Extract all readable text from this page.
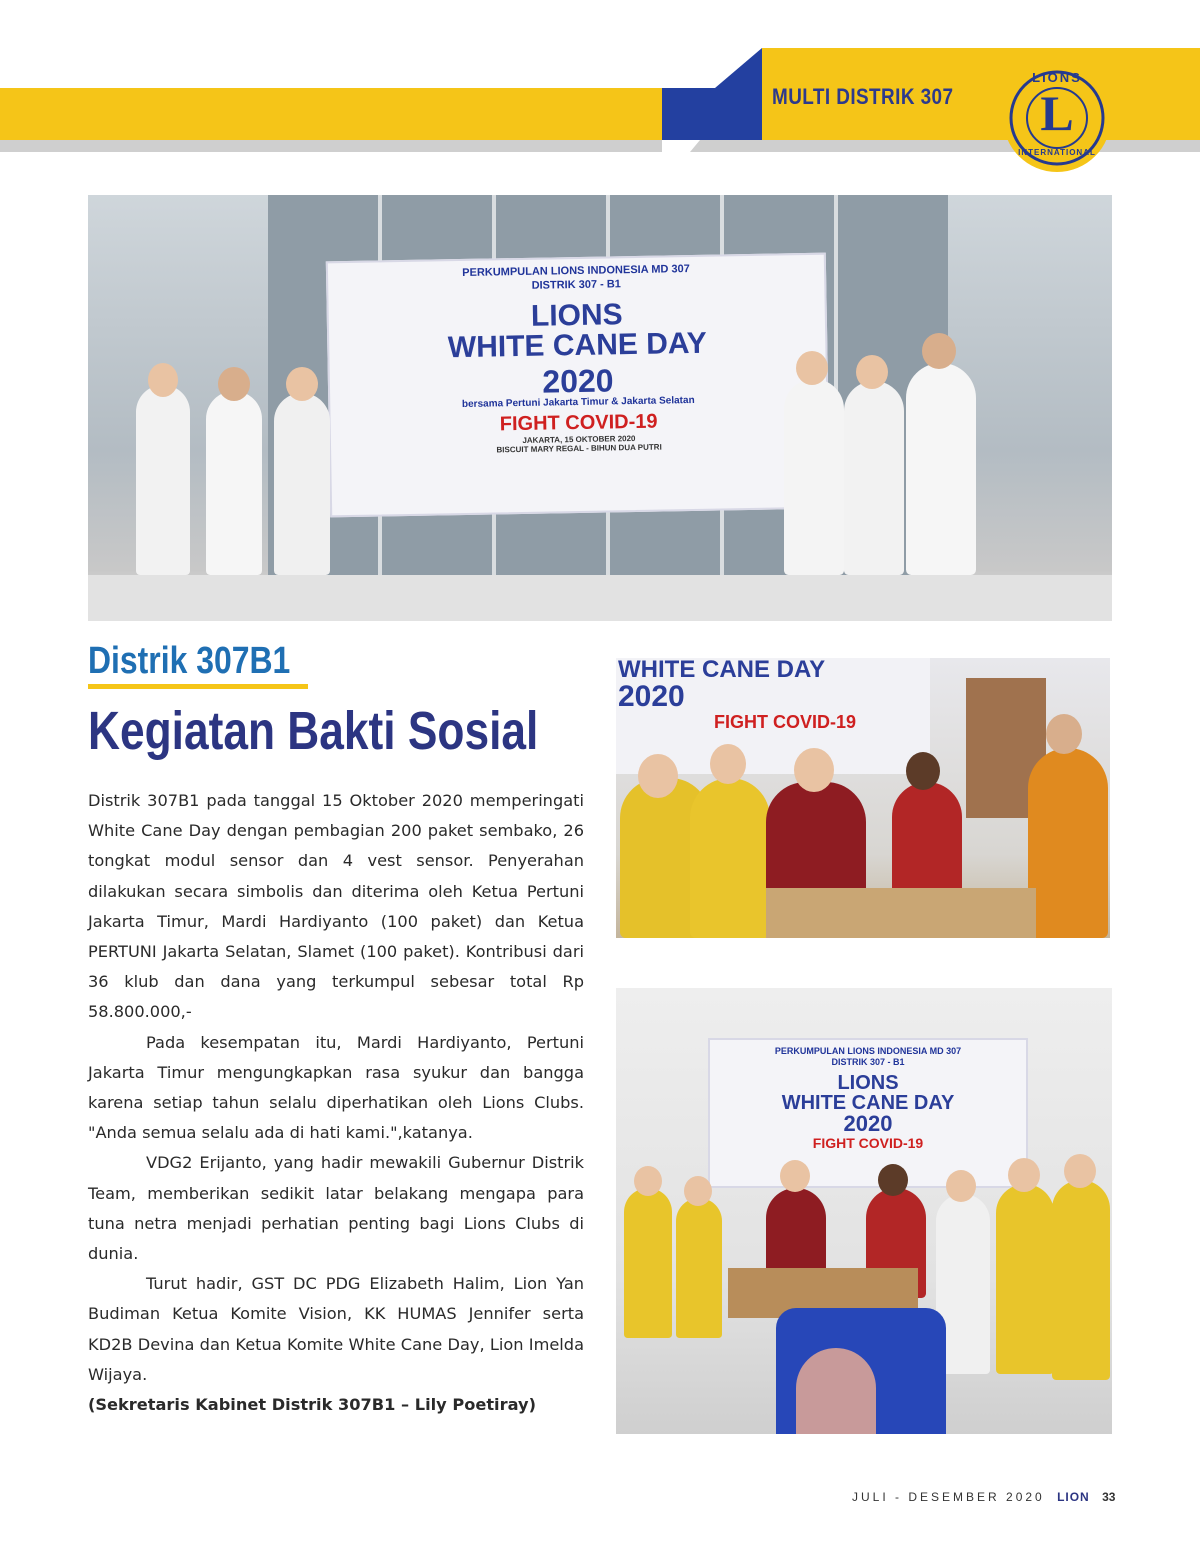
MULTI DISTRIK 307
LIONS
L
INTERNATIONAL
PERKUMPULAN LIONS INDONESIA MD 307
DISTRIK 307 - B1
LIONS
WHITE CANE DAY
2020
bersama Pertuni Jakarta Timur & Jakarta Selatan
FIGHT COVID-19
JAKARTA, 15 OKTOBER 2020
BISCUIT MARY REGAL - BIHUN DUA PUTRI
Distrik 307B1
Kegiatan Bakti Sosial

Distrik 307B1 pada tanggal 15 Oktober 2020 memperingati White Cane Day dengan pembagian 200 paket sembako, 26 tongkat modul sensor dan 4 vest sensor. Penyerahan dilakukan secara simbolis dan diterima oleh Ketua Pertuni Jakarta Timur, Mardi Hardiyanto (100 paket) dan Ketua PERTUNI Jakarta Selatan, Slamet (100 paket). Kontribusi dari 36 klub dan dana yang terkumpul sebesar total Rp 58.800.000,-

Pada kesempatan itu, Mardi Hardiyanto, Pertuni Jakarta Timur mengungkapkan rasa syukur dan bangga karena setiap tahun selalu diperhatikan oleh Lions Clubs. "Anda semua selalu ada di hati kami.",katanya.

VDG2 Erijanto, yang hadir mewakili Gubernur Distrik Team, memberikan sedikit latar belakang mengapa para tuna netra menjadi perhatian penting bagi Lions Clubs di dunia.

Turut hadir, GST DC PDG Elizabeth Halim, Lion Yan Budiman Ketua Komite Vision, KK HUMAS Jennifer serta KD2B Devina dan Ketua Komite White Cane Day, Lion Imelda Wijaya.

(Sekretaris Kabinet Distrik 307B1 – Lily Poetiray)

WHITE CANE DAY
2020
FIGHT COVID-19
PERKUMPULAN LIONS INDONESIA MD 307
DISTRIK 307 - B1
LIONS
WHITE CANE DAY
2020
FIGHT COVID-19
JULI - DESEMBER 2020 LION 33
